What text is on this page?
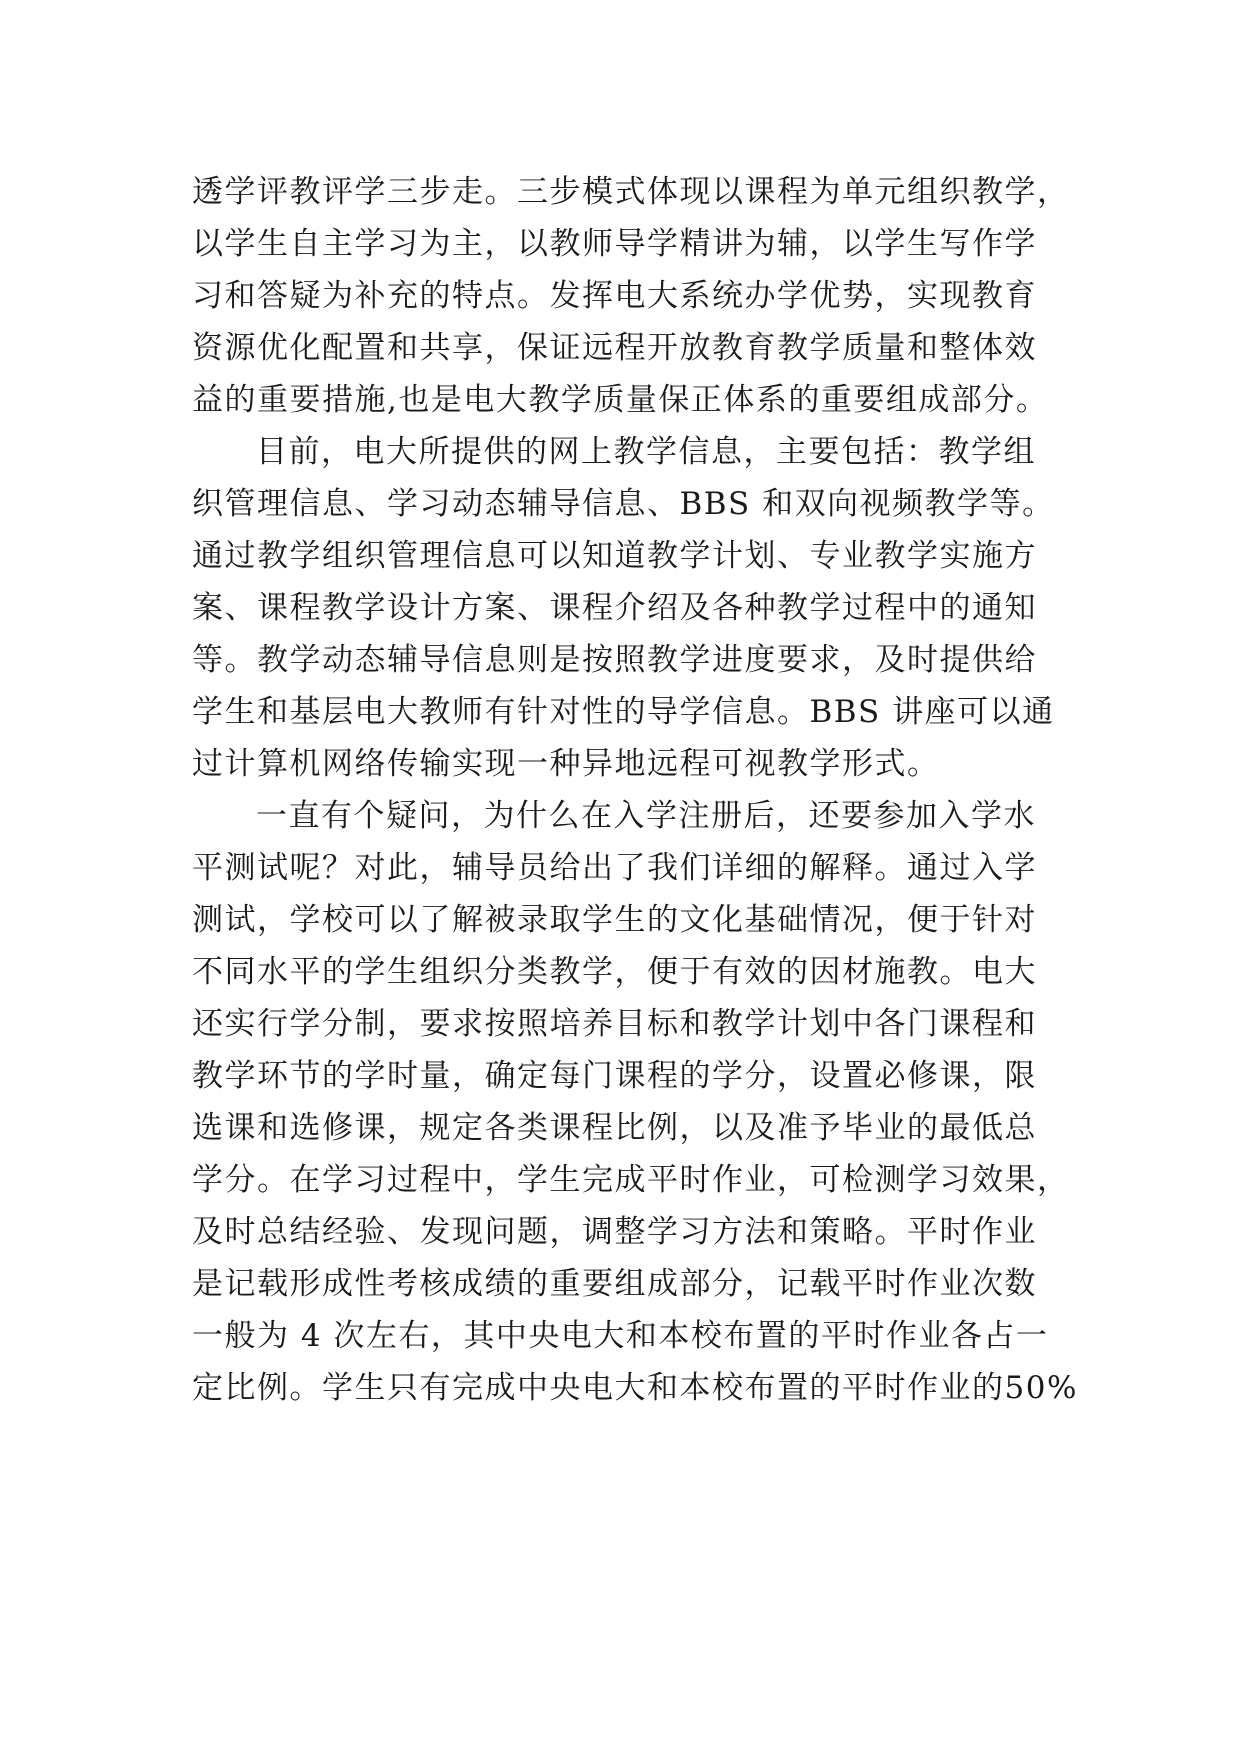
透学评教评学三步走。三步模式体现以课程为单元组织教学，
以学生自主学习为主，以教师导学精讲为辅，以学生写作学
习和答疑为补充的特点。发挥电大系统办学优势，实现教育
资源优化配置和共享，保证远程开放教育教学质量和整体效
益的重要措施,也是电大教学质量保正体系的重要组成部分。
目前，电大所提供的网上教学信息，主要包括：教学组
织管理信息、学习动态辅导信息、BBS 和双向视频教学等。
通过教学组织管理信息可以知道教学计划、专业教学实施方
案、课程教学设计方案、课程介绍及各种教学过程中的通知
等。教学动态辅导信息则是按照教学进度要求，及时提供给
学生和基层电大教师有针对性的导学信息。BBS 讲座可以通
过计算机网络传输实现一种异地远程可视教学形式。
一直有个疑问，为什么在入学注册后，还要参加入学水
平测试呢？对此，辅导员给出了我们详细的解释。通过入学
测试，学校可以了解被录取学生的文化基础情况，便于针对
不同水平的学生组织分类教学，便于有效的因材施教。电大
还实行学分制，要求按照培养目标和教学计划中各门课程和
教学环节的学时量，确定每门课程的学分，设置必修课，限
选课和选修课，规定各类课程比例，以及准予毕业的最低总
学分。在学习过程中，学生完成平时作业，可检测学习效果，
及时总结经验、发现问题，调整学习方法和策略。平时作业
是记载形成性考核成绩的重要组成部分，记载平时作业次数
一般为 4 次左右，其中央电大和本校布置的平时作业各占一
定比例。学生只有完成中央电大和本校布置的平时作业的50%
